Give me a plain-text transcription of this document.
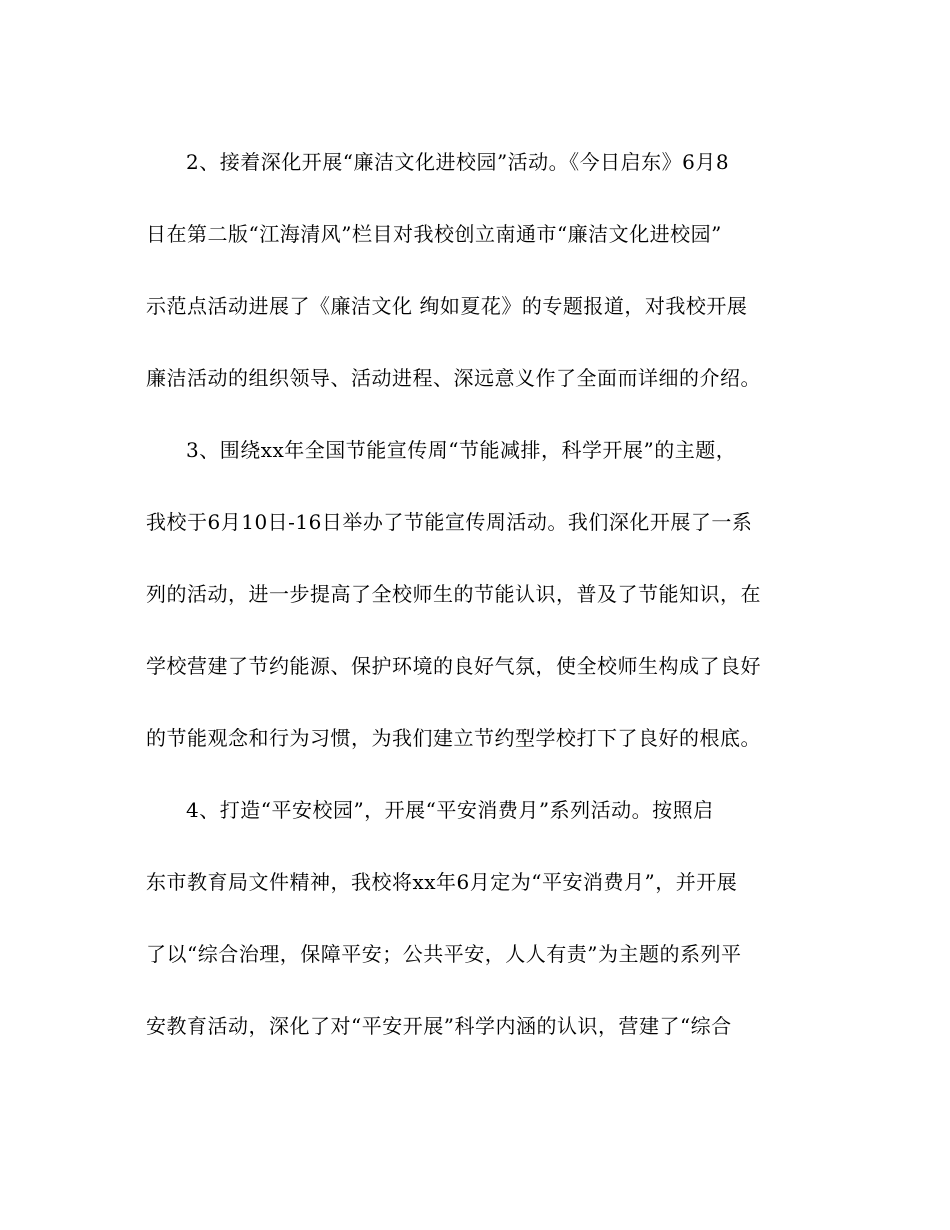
2、接着深化开展“廉洁文化进校园”活动。《今日启东》6月8
日在第二版“江海清风”栏目对我校创立南通市“廉洁文化进校园”
示范点活动进展了《廉洁文化 绚如夏花》的专题报道，对我校开展
廉洁活动的组织领导、活动进程、深远意义作了全面而详细的介绍。
3、围绕xx年全国节能宣传周“节能减排，科学开展”的主题，
我校于6月10日-16日举办了节能宣传周活动。我们深化开展了一系
列的活动，进一步提高了全校师生的节能认识，普及了节能知识，在
学校营建了节约能源、保护环境的良好气氛，使全校师生构成了良好
的节能观念和行为习惯，为我们建立节约型学校打下了良好的根底。
4、打造“平安校园”，开展“平安消费月”系列活动。按照启
东市教育局文件精神，我校将xx年6月定为“平安消费月”，并开展
了以“综合治理，保障平安；公共平安，人人有责”为主题的系列平
安教育活动，深化了对“平安开展”科学内涵的认识，营建了“综合
